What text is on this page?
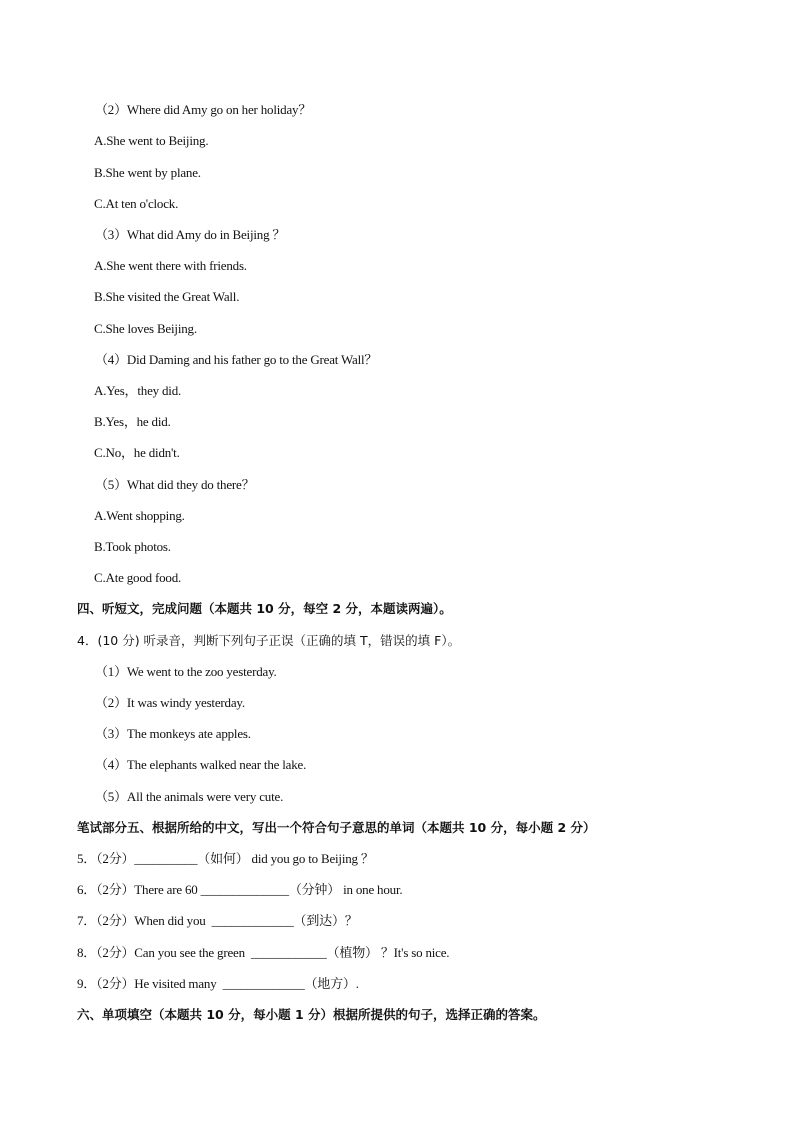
（2）Where did Amy go on her holiday？
A.She went to Beijing.
B.She went by plane.
C.At ten o'clock.
（3）What did Amy do in Beijing ？
A.She went there with friends.
B.She visited the Great Wall.
C.She loves Beijing.
（4）Did Daming and his father go to the Great Wall？
A.Yes，they did.
B.Yes，he did.
C.No，he didn't.
（5）What did they do there？
A.Went shopping.
B.Took photos.
C.Ate good food.
四、听短文，完成问题（本题共 10 分，每空 2 分，本题读两遍）。
4．(10 分) 听录音，判断下列句子正误（正确的填 T，错误的填 F）。
（1）We went to the zoo yesterday.
（2）It was windy yesterday.
（3）The monkeys ate apples.
（4）The elephants walked near the lake.
（5）All the animals were very cute.
笔试部分五、根据所给的中文，写出一个符合句子意思的单词（本题共 10 分，每小题 2 分）
5．（2分）__________（如何） did you go to Beijing ？
6．（2分）There are 60 ______________（分钟） in one hour.
7．（2分）When did you  _____________（到达）？
8．（2分）Can you see the green  ____________（植物） ？It's so nice.
9．（2分）He visited many  _____________（地方）.
六、单项填空（本题共 10 分，每小题 1 分）根据所提供的句子，选择正确的答案。
